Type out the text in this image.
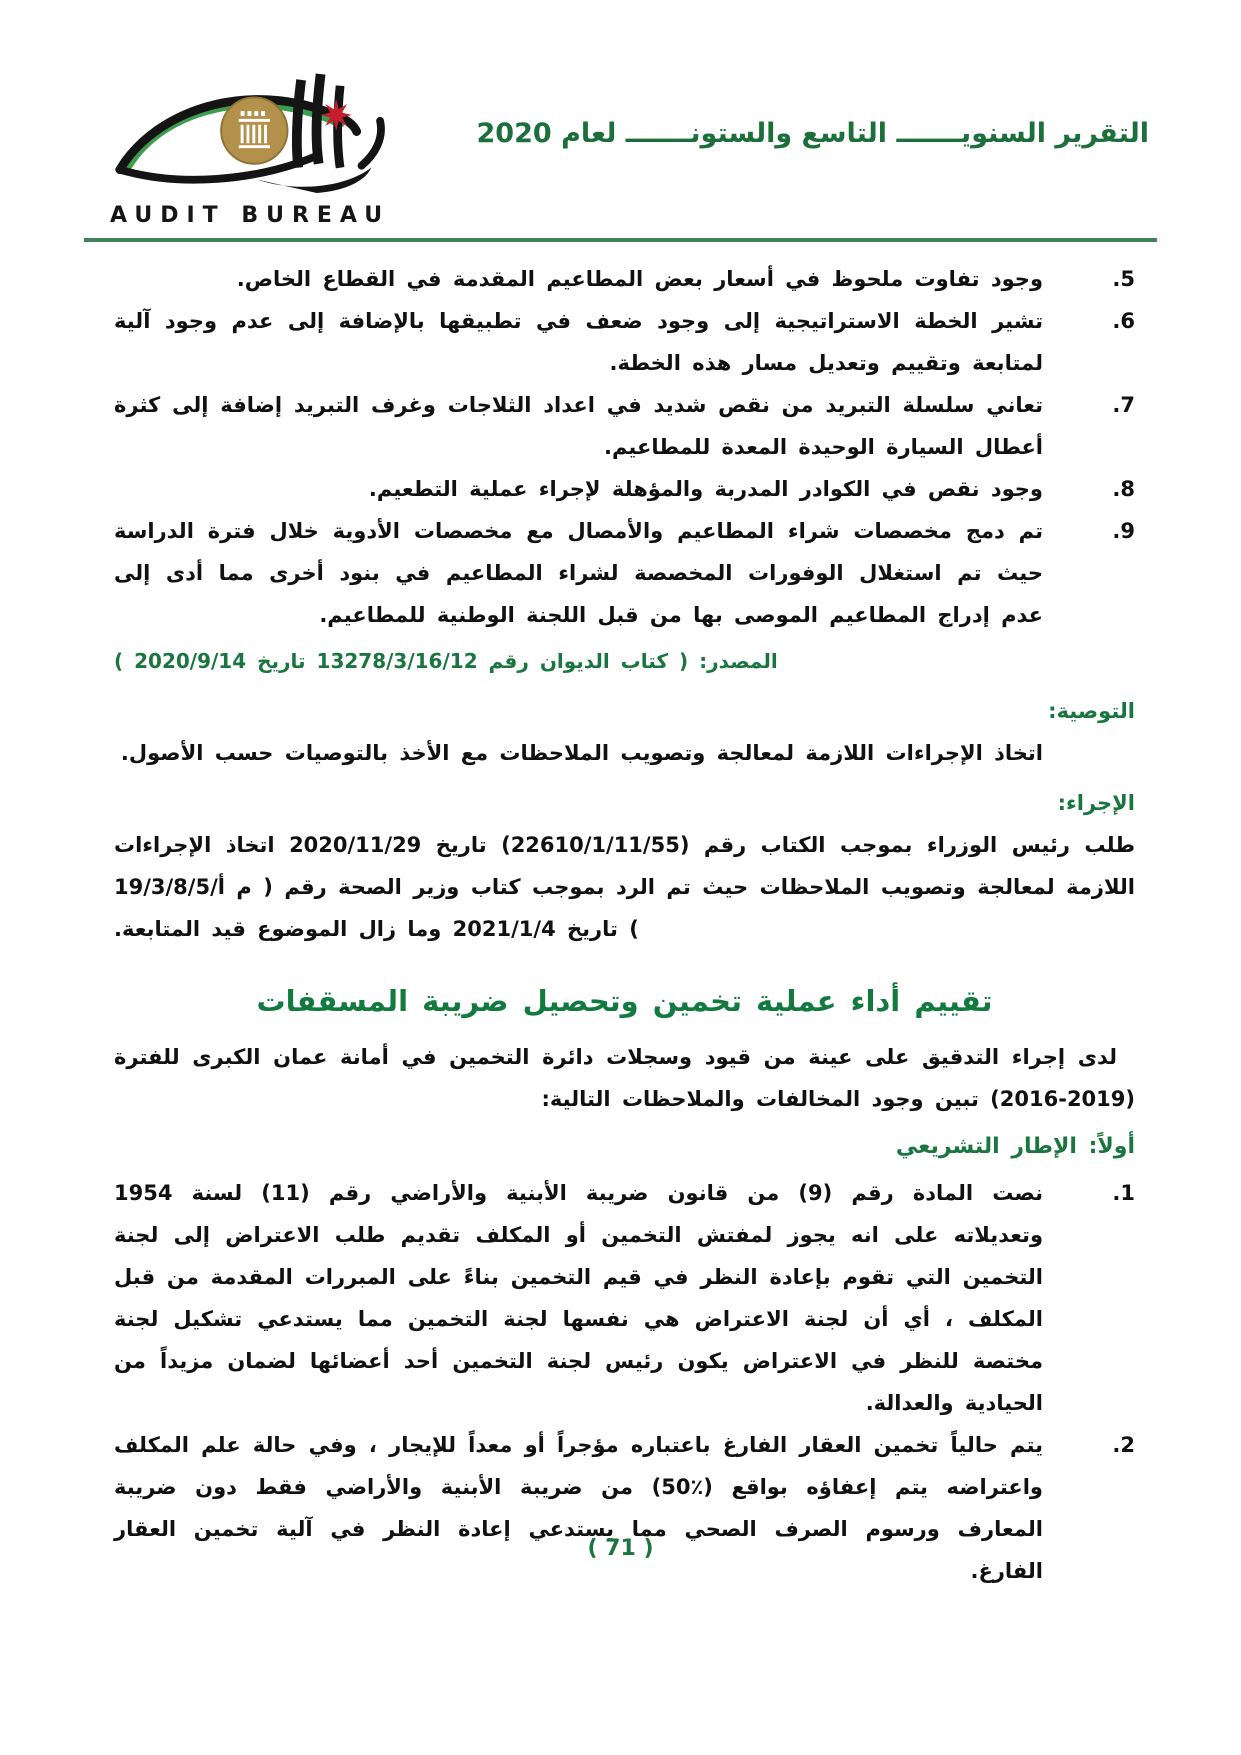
AUDIT BUREAU
التقرير السنويـــــــ التاسع والستونـــــــ لعام 2020
5.
وجود تفاوت ملحوظ في أسعار بعض المطاعيم المقدمة في القطاع الخاص.
6.
تشير الخطة الاستراتيجية إلى وجود ضعف في تطبيقها بالإضافة إلى عدم وجود آلية لمتابعة وتقييم وتعديل مسار هذه الخطة.
7.
تعاني سلسلة التبريد من نقص شديد في اعداد الثلاجات وغرف التبريد إضافة إلى كثرة أعطال السيارة الوحيدة المعدة للمطاعيم.
8.
وجود نقص في الكوادر المدربة والمؤهلة لإجراء عملية التطعيم.
9.
تم دمج مخصصات شراء المطاعيم والأمصال مع مخصصات الأدوية خلال فترة الدراسة حيث تم استغلال الوفورات المخصصة لشراء المطاعيم في بنود أخرى مما أدى إلى عدم إدراج المطاعيم الموصى بها من قبل اللجنة الوطنية للمطاعيم.
المصدر: ( كتاب الديوان رقم 13278/3/16/12 تاريخ 2020/9/14 )
التوصية:
اتخاذ الإجراءات اللازمة لمعالجة وتصويب الملاحظات مع الأخذ بالتوصيات حسب الأصول.
الإجراء:
طلب رئيس الوزراء بموجب الكتاب رقم (22610/1/11/55) تاريخ 2020/11/29 اتخاذ الإجراءات اللازمة لمعالجة وتصويب الملاحظات حيث تم الرد بموجب كتاب وزير الصحة رقم ( م أ/19/3/8/5 ) تاريخ 2021/1/4 وما زال الموضوع قيد المتابعة.
تقييم أداء عملية تخمين وتحصيل ضريبة المسقفات

لدى إجراء التدقيق على عينة من قيود وسجلات دائرة التخمين في أمانة عمان الكبرى للفترة (2019-2016) تبين وجود المخالفات والملاحظات التالية:

أولاً: الإطار التشريعي
1.
نصت المادة رقم (9) من قانون ضريبة الأبنية والأراضي رقم (11) لسنة 1954 وتعديلاته على انه يجوز لمفتش التخمين أو المكلف تقديم طلب الاعتراض إلى لجنة التخمين التي تقوم بإعادة النظر في قيم التخمين بناءً على المبررات المقدمة من قبل المكلف ، أي أن لجنة الاعتراض هي نفسها لجنة التخمين مما يستدعي تشكيل لجنة مختصة للنظر في الاعتراض يكون رئيس لجنة التخمين أحد أعضائها لضمان مزيداً من الحيادية والعدالة.
2.
يتم حالياً تخمين العقار الفارغ باعتباره مؤجراً أو معداً للإيجار ، وفي حالة علم المكلف واعتراضه يتم إعفاؤه بواقع (٪50) من ضريبة الأبنية والأراضي فقط دون ضريبة المعارف ورسوم الصرف الصحي مما يستدعي إعادة النظر في آلية تخمين العقار الفارغ.
( 71 )
